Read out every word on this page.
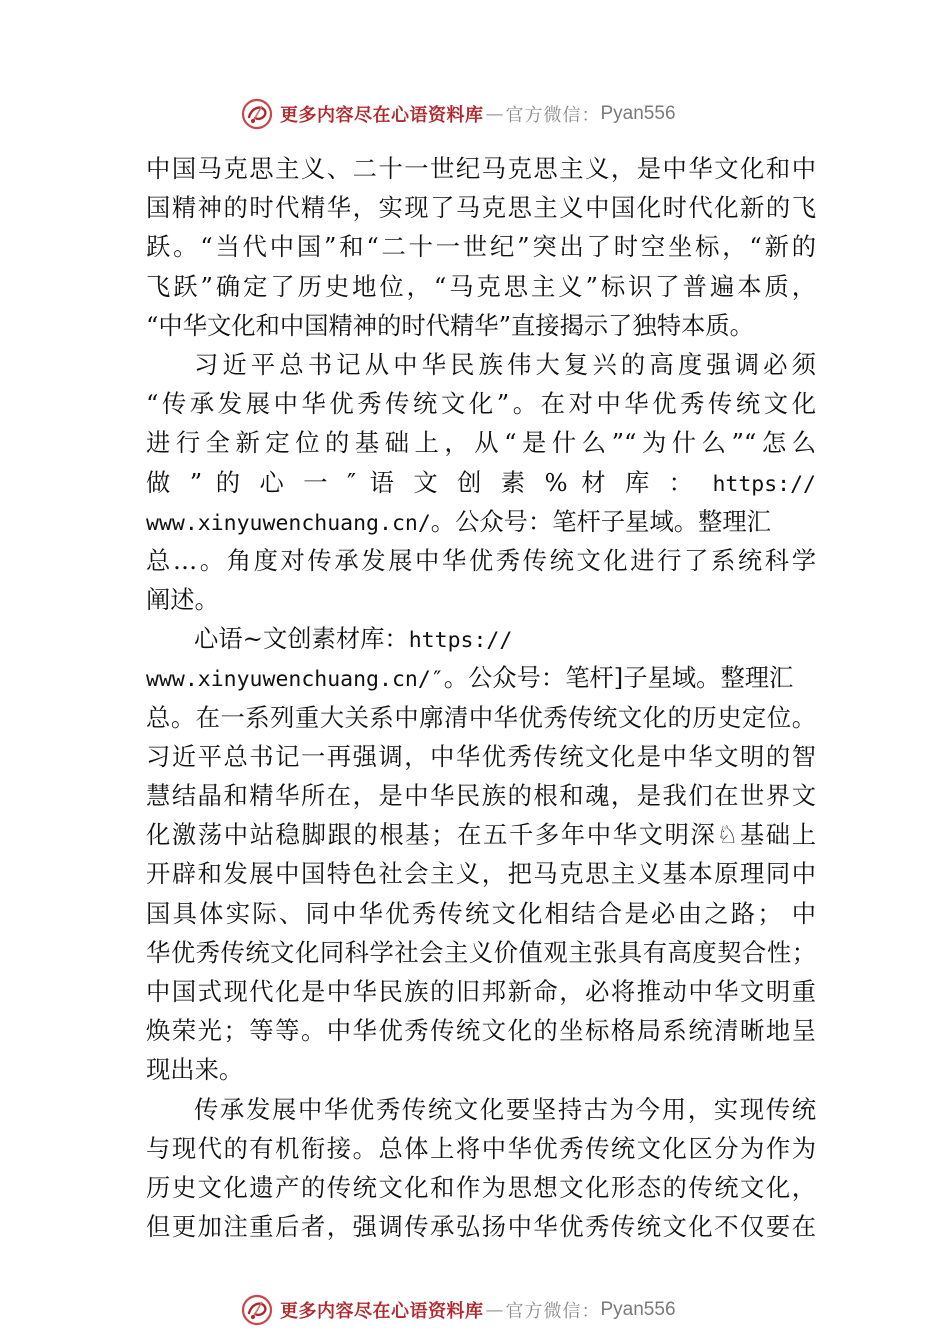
更多内容尽在心语资料库 — 官方微信： Pyan556
中国马克思主义、二十一世纪马克思主义，是中华文化和中
国精神的时代精华，实现了马克思主义中国化时代化新的飞
跃。“当代中国”和“二十一世纪”突出了时空坐标，“新的
飞跃”确定了历史地位，“马克思主义”标识了普遍本质，
“中华文化和中国精神的时代精华”直接揭示了独特本质。
习近平总书记从中华民族伟大复兴的高度强调必须
“传承发展中华优秀传统文化”。在对中华优秀传统文化
进行全新定位的基础上，从“是什么”“为什么”“怎么
做 ” 的 心 一 ″ 语 文 创 素 % 材 库 ： https://
www.xinyuwenchuang.cn/。公众号：笔杆子星域。整理汇
总…。角度对传承发展中华优秀传统文化进行了系统科学
阐述。
心语~文创素材库：https://
www.xinyuwenchuang.cn/″。公众号：笔杆]子星域。整理汇
总。在一系列重大关系中廓清中华优秀传统文化的历史定位。
习近平总书记一再强调，中华优秀传统文化是中华文明的智
慧结晶和精华所在，是中华民族的根和魂，是我们在世界文
化激荡中站稳脚跟的根基；在五千多年中华文明深♘基础上
开辟和发展中国特色社会主义，把马克思主义基本原理同中
国具体实际、同中华优秀传统文化相结合是必由之路； 中
华优秀传统文化同科学社会主义价值观主张具有高度契合性；
中国式现代化是中华民族的旧邦新命，必将推动中华文明重
焕荣光；等等。中华优秀传统文化的坐标格局系统清晰地呈
现出来。
传承发展中华优秀传统文化要坚持古为今用，实现传统
与现代的有机衔接。总体上将中华优秀传统文化区分为作为
历史文化遗产的传统文化和作为思想文化形态的传统文化，
但更加注重后者，强调传承弘扬中华优秀传统文化不仅要在
更多内容尽在心语资料库 — 官方微信： Pyan556
